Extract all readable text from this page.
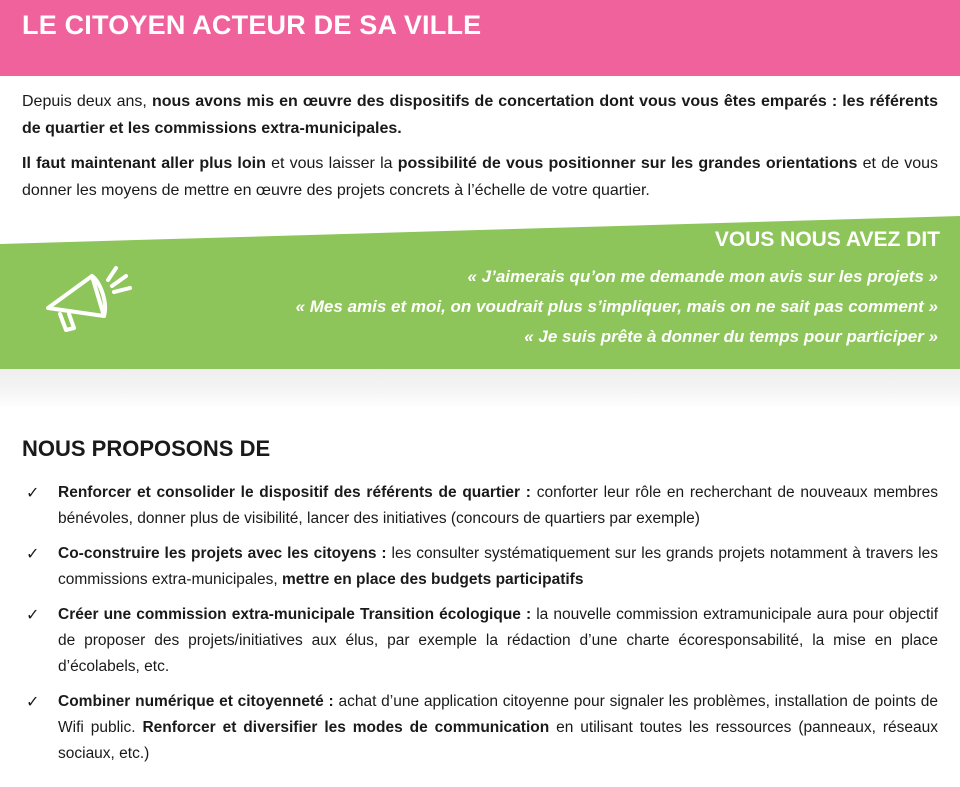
LE CITOYEN ACTEUR DE SA VILLE

Depuis deux ans, nous avons mis en œuvre des dispositifs de concertation dont vous vous êtes emparés : les référents de quartier et les commissions extra-municipales.

Il faut maintenant aller plus loin et vous laisser la possibilité de vous positionner sur les grandes orientations et de vous donner les moyens de mettre en œuvre des projets concrets à l’échelle de votre quartier.

VOUS NOUS AVEZ DIT
« J’aimerais qu’on me demande mon avis sur les projets »
« Mes amis et moi, on voudrait plus s’impliquer, mais on ne sait pas comment »
« Je suis prête à donner du temps pour participer »
NOUS PROPOSONS DE
✓ Renforcer et consolider le dispositif des référents de quartier : conforter leur rôle en recherchant de nouveaux membres bénévoles, donner plus de visibilité, lancer des initiatives (concours de quartiers par exemple)
✓ Co-construire les projets avec les citoyens : les consulter systématiquement sur les grands projets notamment à travers les commissions extra-municipales, mettre en place des budgets participatifs
✓ Créer une commission extra-municipale Transition écologique : la nouvelle commission extramunicipale aura pour objectif de proposer des projets/initiatives aux élus, par exemple la rédaction d’une charte écoresponsabilité, la mise en place d’écolabels, etc.
✓ Combiner numérique et citoyenneté : achat d’une application citoyenne pour signaler les problèmes, installation de points de Wifi public. Renforcer et diversifier les modes de communication en utilisant toutes les ressources (panneaux, réseaux sociaux, etc.)
